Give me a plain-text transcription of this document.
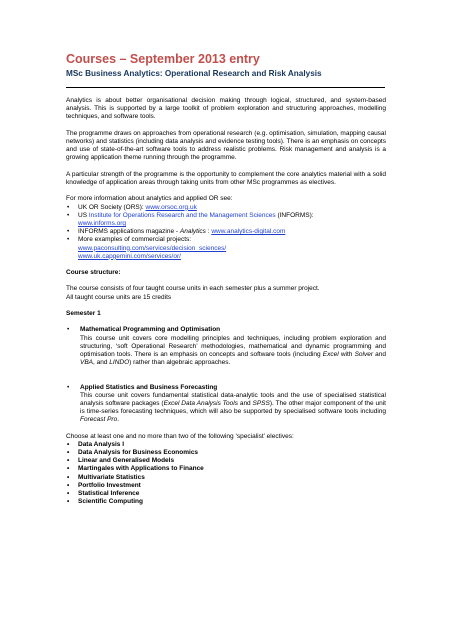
Courses – September 2013 entry
MSc Business Analytics: Operational Research and Risk Analysis

Analytics is about better organisational decision making through logical, structured, and system-based analysis. This is supported by a large toolkit of problem exploration and structuring approaches, modelling techniques, and software tools.

The programme draws on approaches from operational research (e.g. optimisation, simulation, mapping causal networks) and statistics (including data analysis and evidence testing tools). There is an emphasis on concepts and use of state-of-the-art software tools to address realistic problems. Risk management and analysis is a growing application theme running through the programme.

A particular strength of the programme is the opportunity to complement the core analytics material with a solid knowledge of application areas through taking units from other MSc programmes as electives.

For more information about analytics and applied OR see:
• UK OR Society (ORS): www.orsoc.org.uk
• US Institute for Operations Research and the Management Sciences (INFORMS):
www.informs.org
• INFORMS applications magazine - Analytics : www.analytics-digital.com
• More examples of commercial projects:
www.paconsulting.com/services/decision_sciences/
www.uk.capgemini.com/services/or/

Course structure:

The course consists of four taught course units in each semester plus a summer project.

All taught course units are 15 credits

Semester 1

• Mathematical Programming and Optimisation
This course unit covers core modelling principles and techniques, including problem exploration and structuring, ‘soft Operational Research’ methodologies, mathematical and dynamic programming and optimisation tools. There is an emphasis on concepts and software tools (including Excel with Solver and VBA, and LINDO) rather than algebraic approaches.
• Applied Statistics and Business Forecasting
This course unit covers fundamental statistical data-analytic tools and the use of specialised statistical analysis software packages (Excel Data Analysis Tools and SPSS). The other major component of the unit is time-series forecasting techniques, which will also be supported by specialised software tools including Forecast Pro.
Choose at least one and no more than two of the following ‘specialist’ electives:
• Data Analysis I
• Data Analysis for Business Economics
• Linear and Generalised Models
• Martingales with Applications to Finance
• Multivariate Statistics
• Portfolio Investment
• Statistical Inference
• Scientific Computing
